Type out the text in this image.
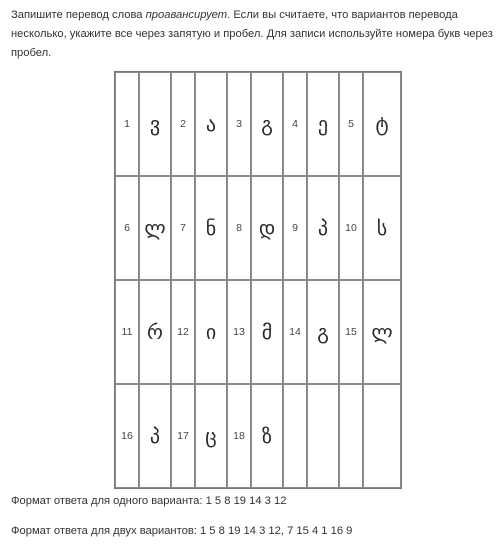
Запишите перевод слова проавансирует. Если вы считаете, что вариантов перевода несколько, укажите все через запятую и пробел. Для записи используйте номера букв через пробел.

1	ვ	2	ა	3	გ	4	ე	5	ტ
6	ლ	7	ნ	8	დ	9	პ	10	ს
11	რ	12	ი	13	მ	14	გ	15	ლ
16	პ	17	ც	18	ზ				

Формат ответа для одного варианта: 1 5 8 19 14 3 12

Формат ответа для двух вариантов: 1 5 8 19 14 3 12, 7 15 4 1 16 9
